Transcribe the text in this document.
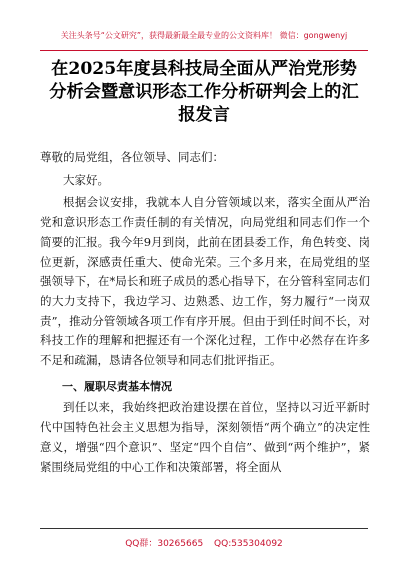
关注头条号“公文研究”，获得最新最全最专业的公文资料库！ 微信：gongwenyj
在2025年度县科技局全面从严治党形势分析会暨意识形态工作分析研判会上的汇报发言

尊敬的局党组，各位领导、同志们：

大家好。

根据会议安排，我就本人自分管领域以来，落实全面从严治党和意识形态工作责任制的有关情况，向局党组和同志们作一个简要的汇报。我今年9月到岗，此前在团县委工作，角色转变、岗位更新，深感责任重大、使命光荣。三个多月来，在局党组的坚强领导下，在*局长和班子成员的悉心指导下，在分管科室同志们的大力支持下，我边学习、边熟悉、边工作，努力履行“一岗双责”，推动分管领域各项工作有序开展。但由于到任时间不长，对科技工作的理解和把握还有一个深化过程，工作中必然存在许多不足和疏漏，恳请各位领导和同志们批评指正。

一、履职尽责基本情况

到任以来，我始终把政治建设摆在首位，坚持以习近平新时代中国特色社会主义思想为指导，深刻领悟“两个确立”的决定性意义，增强“四个意识”、坚定“四个自信”、做到“两个维护”，紧紧围绕局党组的中心工作和决策部署，将全面从

QQ群：30265665 QQ:535304092
